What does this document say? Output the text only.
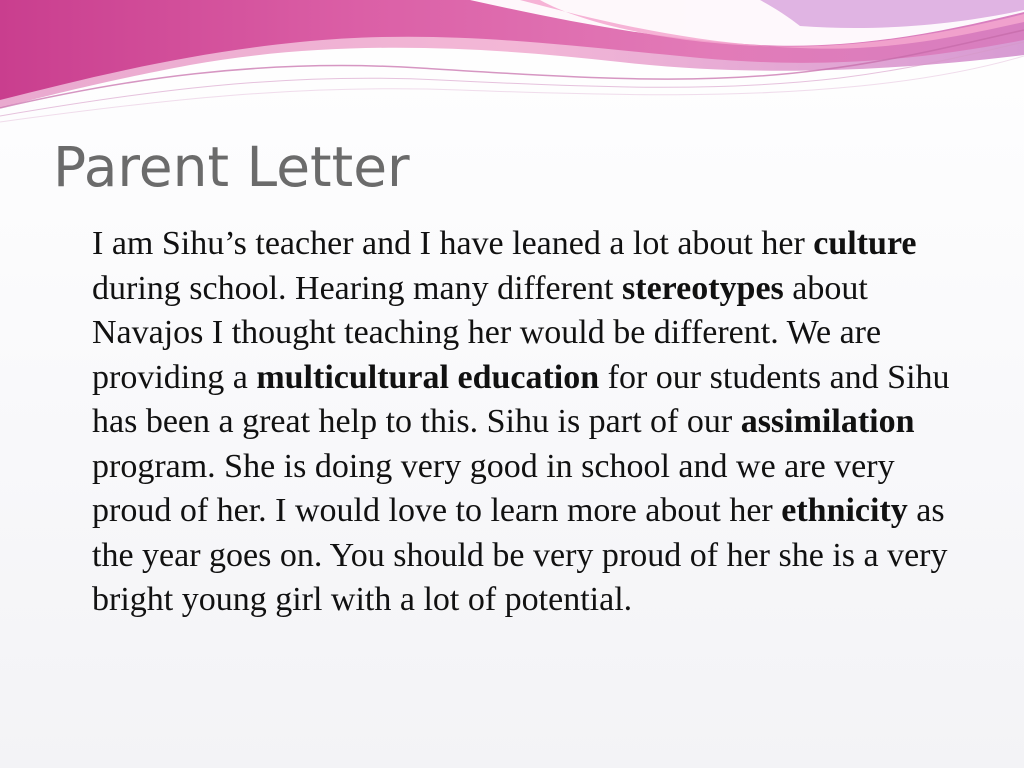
Parent Letter

I am Sihu’s teacher and I have leaned a lot about her culture during school. Hearing many different stereotypes about Navajos I thought teaching her would be different. We are providing a multicultural education for our students and Sihu has been a great help to this. Sihu is part of our assimilation program. She is doing very good in school and we are very proud of her. I would love to learn more about her ethnicity as the year goes on. You should be very proud of her she is a very bright young girl with a lot of potential.
